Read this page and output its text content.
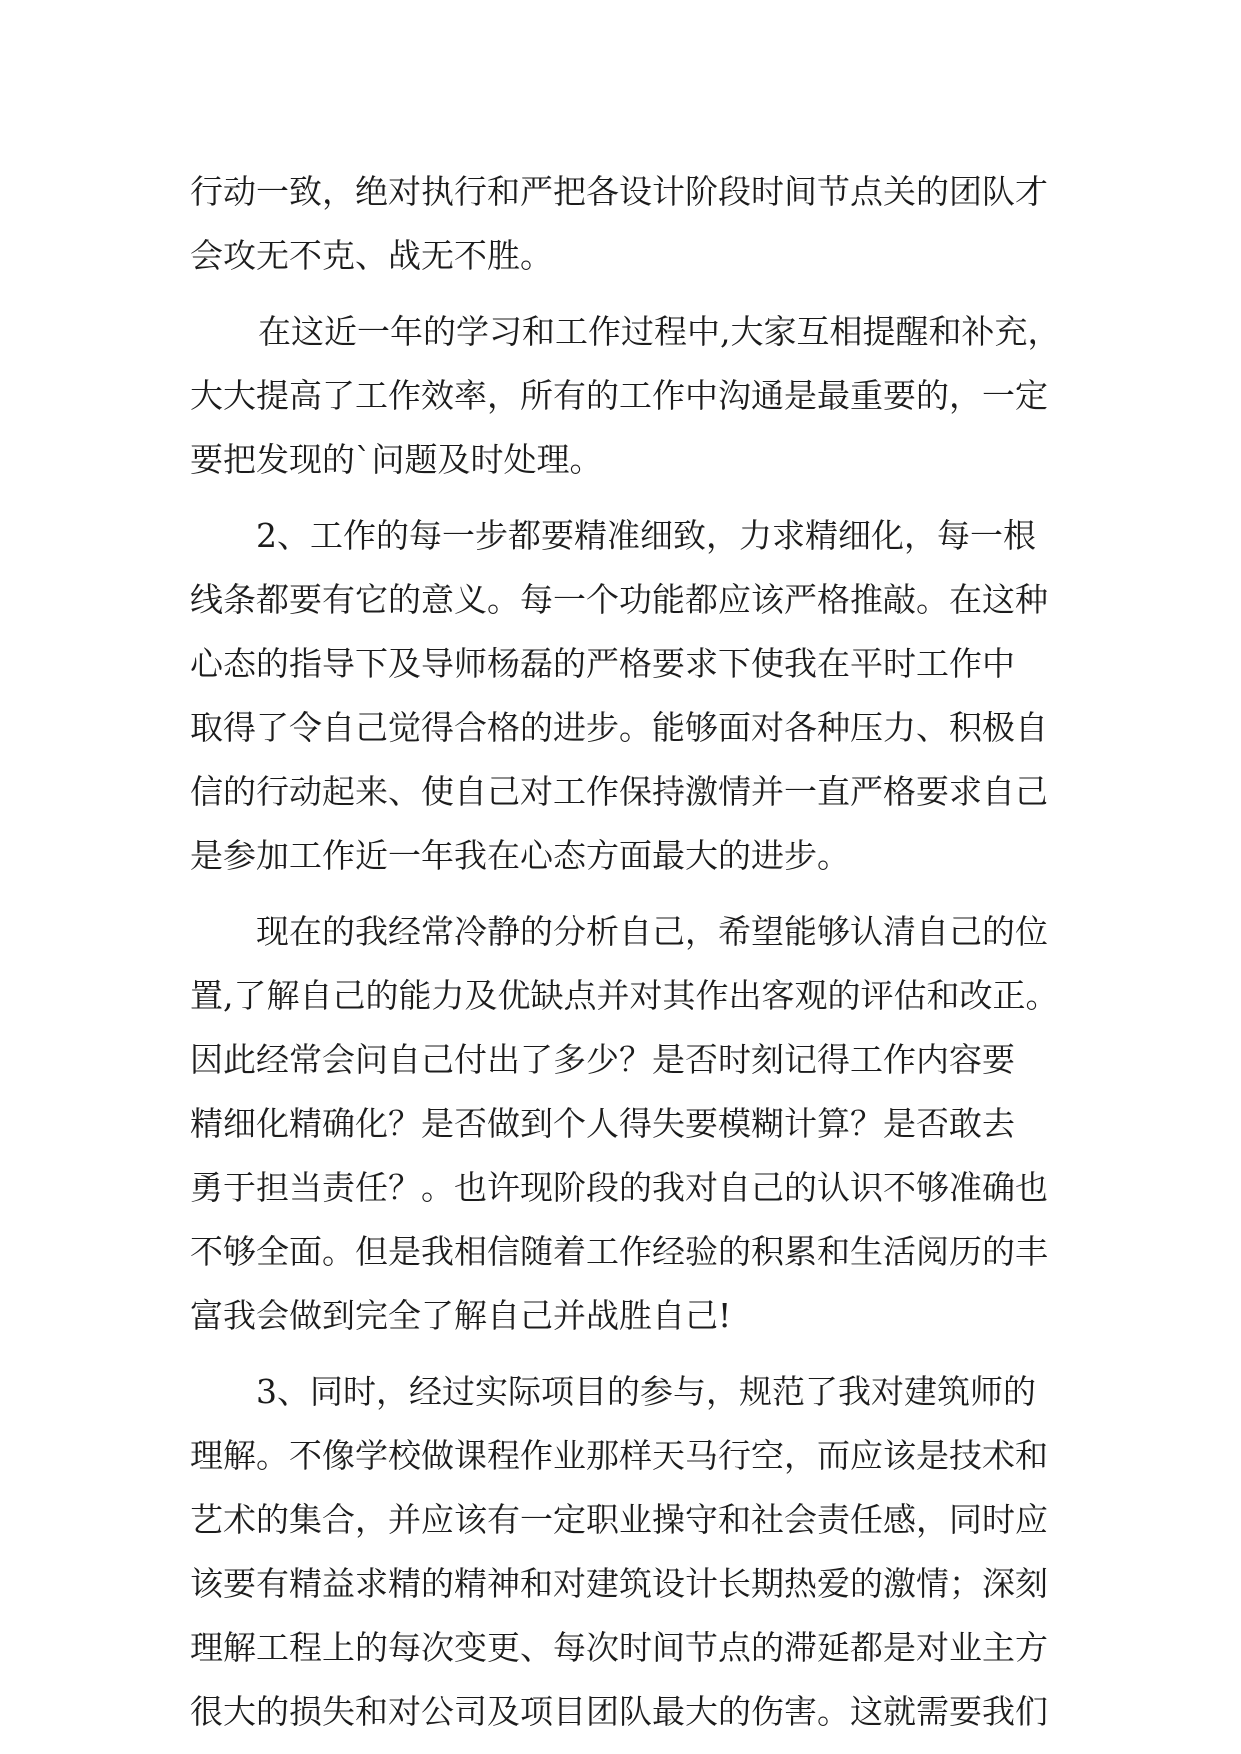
行动一致，绝对执行和严把各设计阶段时间节点关的团队才
会攻无不克、战无不胜。
在这近一年的学习和工作过程中,大家互相提醒和补充，
大大提高了工作效率，所有的工作中沟通是最重要的，一定
要把发现的`问题及时处理。
2、工作的每一步都要精准细致，力求精细化，每一根
线条都要有它的意义。每一个功能都应该严格推敲。在这种
心态的指导下及导师杨磊的严格要求下使我在平时工作中
取得了令自己觉得合格的进步。能够面对各种压力、积极自
信的行动起来、使自己对工作保持激情并一直严格要求自己
是参加工作近一年我在心态方面最大的进步。
现在的我经常冷静的分析自己，希望能够认清自己的位
置,了解自己的能力及优缺点并对其作出客观的评估和改正。
因此经常会问自己付出了多少？是否时刻记得工作内容要
精细化精确化？是否做到个人得失要模糊计算？是否敢去
勇于担当责任？。也许现阶段的我对自己的认识不够准确也
不够全面。但是我相信随着工作经验的积累和生活阅历的丰
富我会做到完全了解自己并战胜自己!
3、同时，经过实际项目的参与，规范了我对建筑师的
理解。不像学校做课程作业那样天马行空，而应该是技术和
艺术的集合，并应该有一定职业操守和社会责任感，同时应
该要有精益求精的精神和对建筑设计长期热爱的激情；深刻
理解工程上的每次变更、每次时间节点的滞延都是对业主方
很大的损失和对公司及项目团队最大的伤害。这就需要我们
